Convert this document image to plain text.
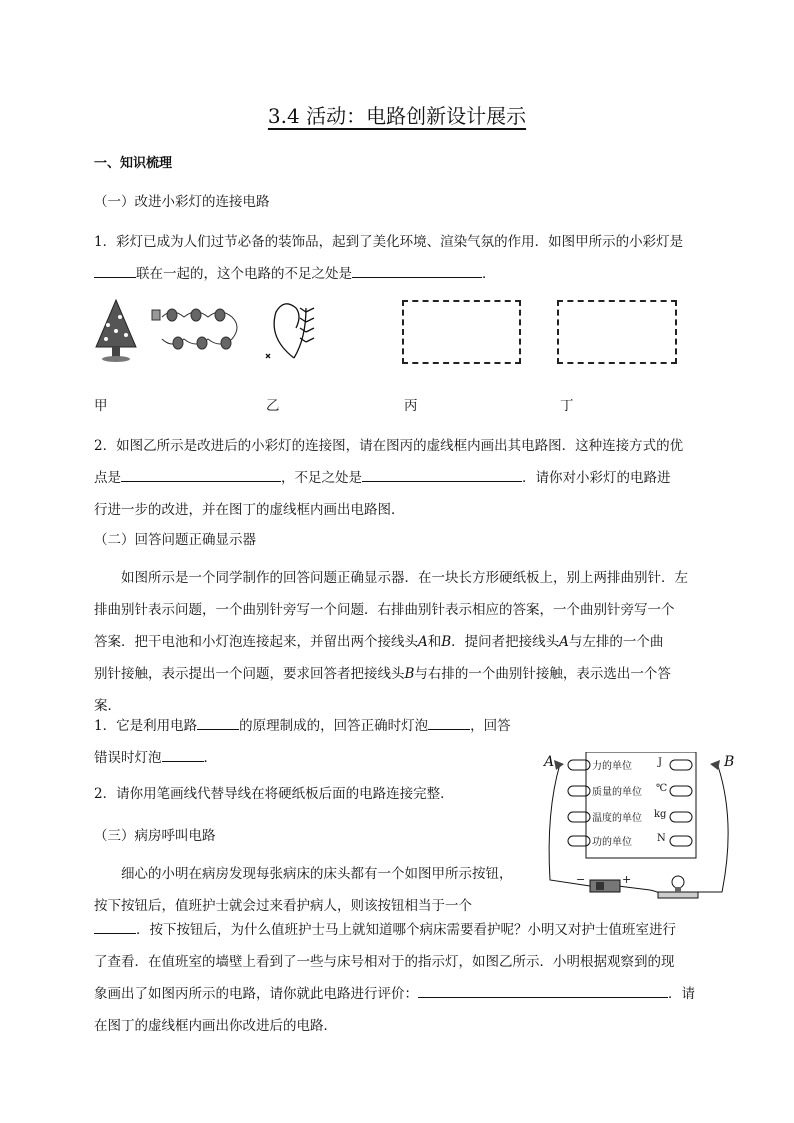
3.4 活动：电路创新设计展示
一、知识梳理
（一）改进小彩灯的连接电路
1．彩灯已成为人们过节必备的装饰品，起到了美化环境、渲染气氛的作用．如图甲所示的小彩灯是
联在一起的，这个电路的不足之处是	．
甲	乙	丙	丁
2．如图乙所示是改进后的小彩灯的连接图，请在图丙的虚线框内画出其电路图．这种连接方式的优
点是	，不足之处是	．请你对小彩灯的电路进
行进一步的改进，并在图丁的虚线框内画出电路图．
（二）回答问题正确显示器
如图所示是一个同学制作的回答问题正确显示器．在一块长方形硬纸板上，别上两排曲别针．左
排曲别针表示问题，一个曲别针旁写一个问题．右排曲别针表示相应的答案，一个曲别针旁写一个
答案．把干电池和小灯泡连接起来，并留出两个接线头A和B．提问者把接线头A与左排的一个曲
别针接触，表示提出一个问题，要求回答者把接线头B与右排的一个曲别针接触，表示选出一个答
案．
1．它是利用电路	的原理制成的，回答正确时灯泡	，回答
错误时灯泡	．
2．请你用笔画线代替导线在将硬纸板后面的电路连接完整．
A	B
力的单位
质量的单位
温度的单位
功的单位
J
℃
kg
N
−	+
（三）病房呼叫电路
细心的小明在病房发现每张病床的床头都有一个如图甲所示按钮，
按下按钮后，值班护士就会过来看护病人，则该按钮相当于一个
．按下按钮后，为什么值班护士马上就知道哪个病床需要看护呢？小明又对护士值班室进行
了查看．在值班室的墙壁上看到了一些与床号相对于的指示灯，如图乙所示．小明根据观察到的现
象画出了如图丙所示的电路，请你就此电路进行评价：	．请
在图丁的虚线框内画出你改进后的电路．
